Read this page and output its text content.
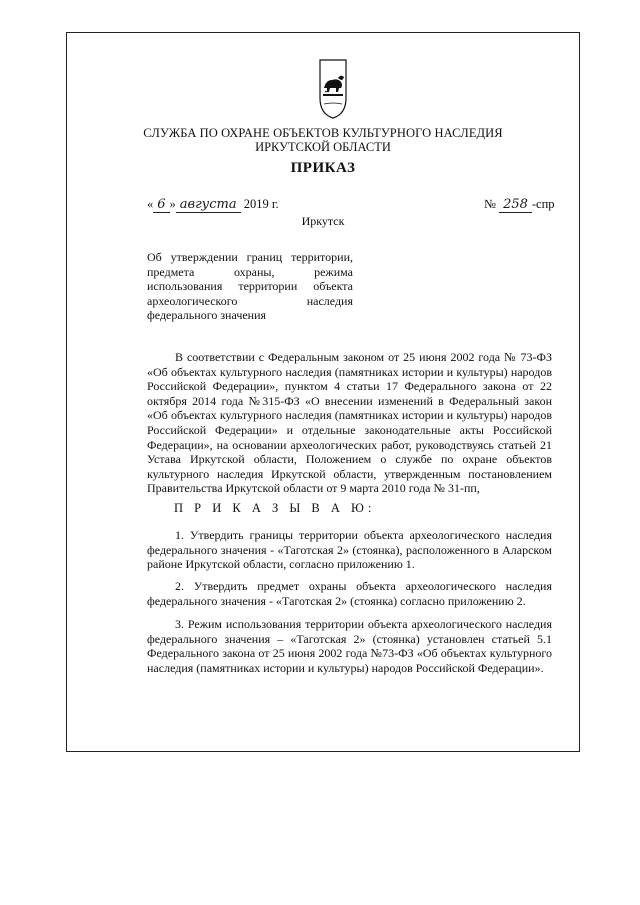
СЛУЖБА ПО ОХРАНЕ ОБЪЕКТОВ КУЛЬТУРНОГО НАСЛЕДИЯ
ИРКУТСКОЙ ОБЛАСТИ
ПРИКАЗ
« 6 » августа 2019 г.	№ 258 -спр
Иркутск
Об утверждении границ территории, предмета охраны, режима использования территории объекта археологического наследия федерального значения
В соответствии с Федеральным законом от 25 июня 2002 года № 73-ФЗ «Об объектах культурного наследия (памятниках истории и культуры) народов Российской Федерации», пунктом 4 статьи 17 Федерального закона от 22 октября 2014 года №315-ФЗ «О внесении изменений в Федеральный закон «Об объектах культурного наследия (памятниках истории и культуры) народов Российской Федерации» и отдельные законодательные акты Российской Федерации», на основании археологических работ, руководствуясь статьей 21 Устава Иркутской области, Положением о службе по охране объектов культурного наследия Иркутской области, утвержденным постановлением Правительства Иркутской области от 9 марта 2010 года № 31-пп,
П Р И К А З Ы В А Ю:
1. Утвердить границы территории объекта археологического наследия федерального значения - «Таготская 2» (стоянка), расположенного в Аларском районе Иркутской области, согласно приложению 1.
2. Утвердить предмет охраны объекта археологического наследия федерального значения - «Таготская 2» (стоянка) согласно приложению 2.
3. Режим использования территории объекта археологического наследия федерального значения – «Таготская 2» (стоянка) установлен статьей 5.1 Федерального закона от 25 июня 2002 года №73-ФЗ «Об объектах культурного наследия (памятниках истории и культуры) народов Российской Федерации».
